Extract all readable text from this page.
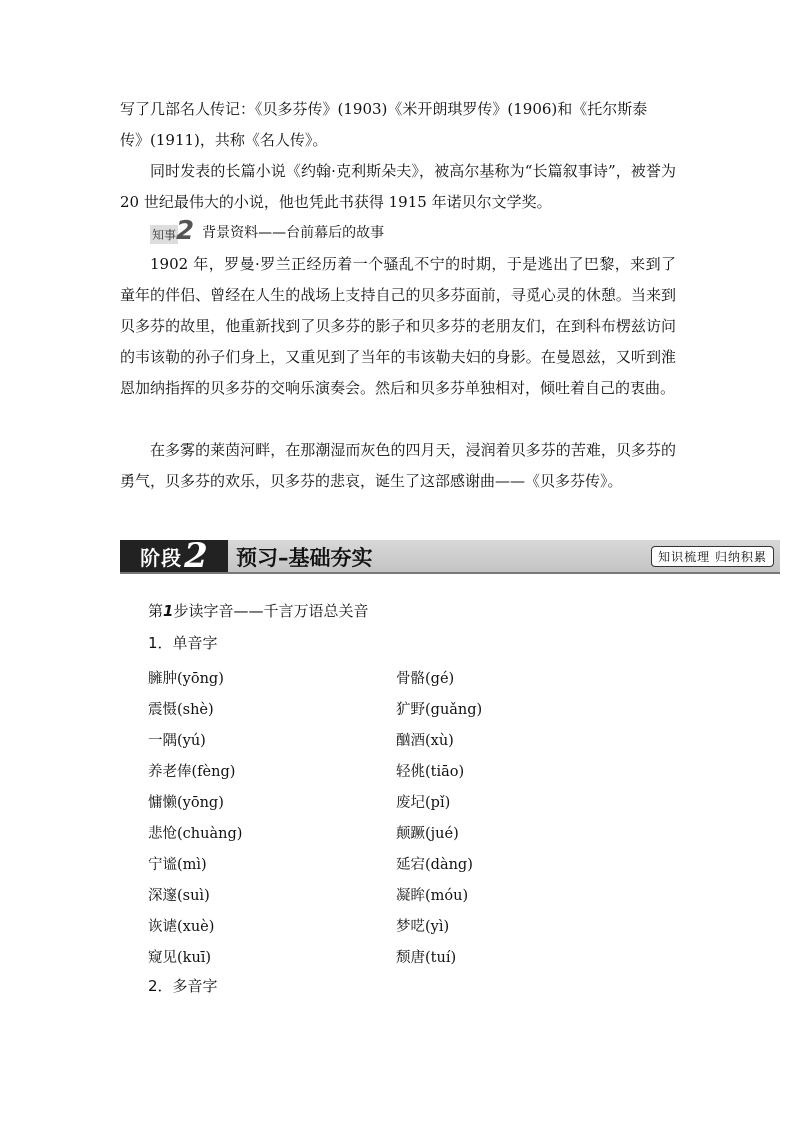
写了几部名人传记：《贝多芬传》(1903)《米开朗琪罗传》(1906)和《托尔斯泰

传》(1911)，共称《名人传》。

同时发表的长篇小说《约翰·克利斯朵夫》，被高尔基称为“长篇叙事诗”，被誉为 20 世纪最伟大的小说，他也凭此书获得 1915 年诺贝尔文学奖。

知事 2 背景资料——台前幕后的故事

1902 年，罗曼·罗兰正经历着一个骚乱不宁的时期，于是逃出了巴黎，来到了童年的伴侣、曾经在人生的战场上支持自己的贝多芬面前，寻觅心灵的休憩。当来到贝多芬的故里，他重新找到了贝多芬的影子和贝多芬的老朋友们，在到科布楞兹访问的韦该勒的孙子们身上，又重见到了当年的韦该勒夫妇的身影。在曼恩兹，又听到淮恩加纳指挥的贝多芬的交响乐演奏会。然后和贝多芬单独相对，倾吐着自己的衷曲。

在多雾的莱茵河畔，在那潮湿而灰色的四月天，浸润着贝多芬的苦难，贝多芬的勇气，贝多芬的欢乐，贝多芬的悲哀，诞生了这部感谢曲——《贝多芬传》。

阶段 2 预习–基础夯实	知识梳理 归纳积累
第1步读字音——千言万语总关音
1．单音字
臃肿(yōng)	骨骼(gé)
震慑(shè)	犷野(guǎng)
一隅(yú)	酗酒(xù)
养老俸(fèng)	轻佻(tiāo)
慵懒(yōng)	废圮(pǐ)
悲怆(chuàng)	颠蹶(jué)
宁谧(mì)	延宕(dàng)
深邃(suì)	凝眸(móu)
诙谑(xuè)	梦呓(yì)
窥见(kuī)	颓唐(tuí)
2．多音字
